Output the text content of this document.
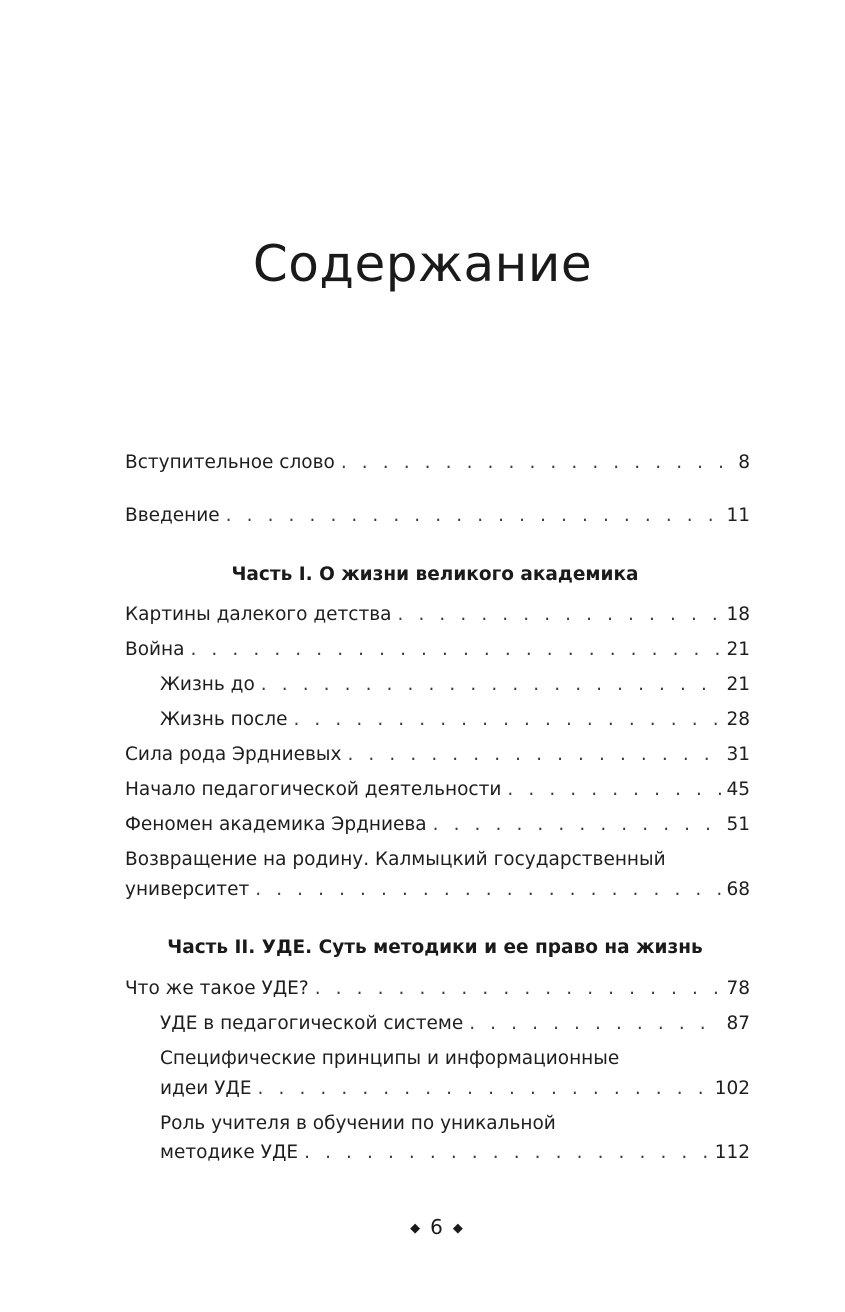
Содержание
Вступительное слово . . .	8
Введение . . .	11
Часть I. О жизни великого академика
Картины далекого детства . . .	18
Война . . .	21
Жизнь до . . .	21
Жизнь после . . .	28
Сила рода Эрдниевых . . .	31
Начало педагогической деятельности . . .	45
Феномен академика Эрдниева . . .	51
Возвращение на родину. Калмыцкий государственный
университет . . .	68
Часть II. УДЕ. Суть методики и ее право на жизнь
Что же такое УДЕ? . . .	78
УДЕ в педагогической системе . . .	87
Специфические принципы и информационные
идеи УДЕ . . .	102
Роль учителя в обучении по уникальной
методике УДЕ . . .	112
◆ 6 ◆
